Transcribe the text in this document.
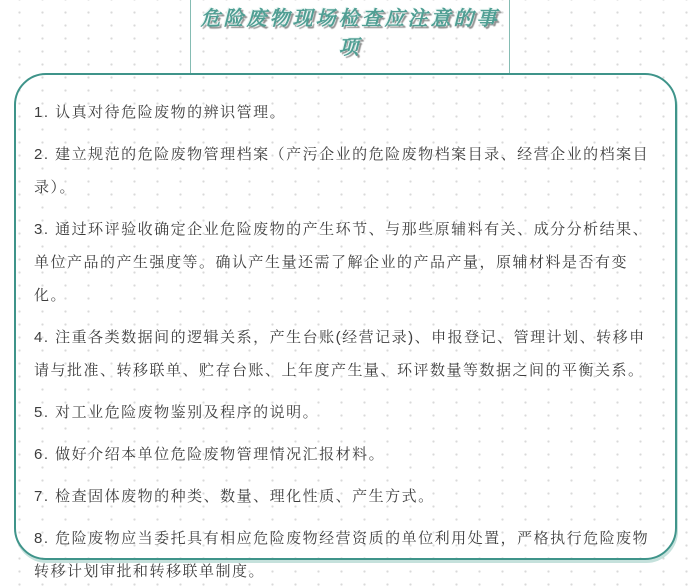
危险废物现场检查应注意的事项

1. 认真对待危险废物的辨识管理。

2. 建立规范的危险废物管理档案（产污企业的危险废物档案目录、经营企业的档案目录）。

3. 通过环评验收确定企业危险废物的产生环节、与那些原辅料有关、成分分析结果、单位产品的产生强度等。确认产生量还需了解企业的产品产量，原辅材料是否有变化。

4. 注重各类数据间的逻辑关系，产生台账(经营记录)、申报登记、管理计划、转移申请与批准、转移联单、贮存台账、上年度产生量、环评数量等数据之间的平衡关系。

5. 对工业危险废物鉴别及程序的说明。

6. 做好介绍本单位危险废物管理情况汇报材料。

7. 检查固体废物的种类、数量、理化性质、产生方式。

8. 危险废物应当委托具有相应危险废物经营资质的单位利用处置，严格执行危险废物转移计划审批和转移联单制度。
